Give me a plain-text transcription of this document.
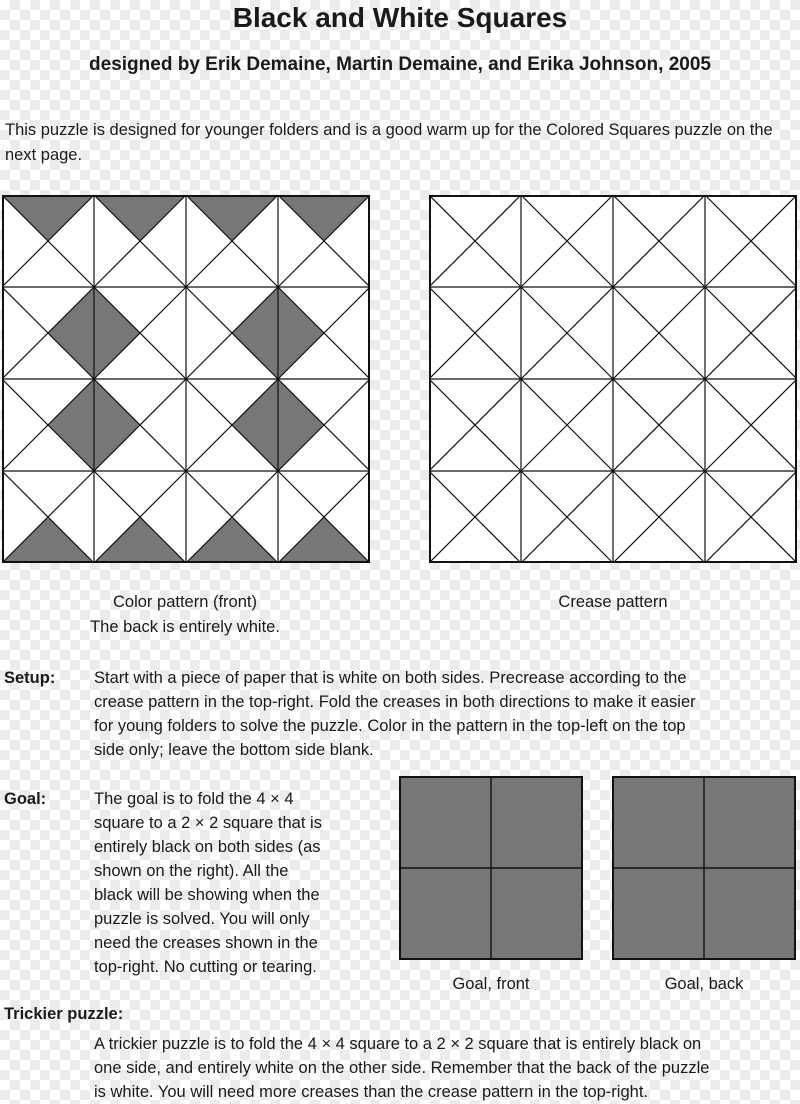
Black and White Squares
designed by Erik Demaine, Martin Demaine, and Erika Johnson, 2005
This puzzle is designed for younger folders and is a good warm up for the Colored Squares puzzle on the next page.
Color pattern (front)
The back is entirely white.
Crease pattern
Setup: Start with a piece of paper that is white on both sides. Precrease according to the
crease pattern in the top-right. Fold the creases in both directions to make it easier
for young folders to solve the puzzle. Color in the pattern in the top-left on the top
side only; leave the bottom side blank.
Goal:	The goal is to fold the 4 × 4
square to a 2 × 2 square that is
entirely black on both sides (as
shown on the right). All the
black will be showing when the
puzzle is solved. You will only
need the creases shown in the
top-right. No cutting or tearing.
Goal, front	Goal, back
Trickier puzzle:
A trickier puzzle is to fold the 4 × 4 square to a 2 × 2 square that is entirely black on
one side, and entirely white on the other side. Remember that the back of the puzzle
is white. You will need more creases than the crease pattern in the top-right.
